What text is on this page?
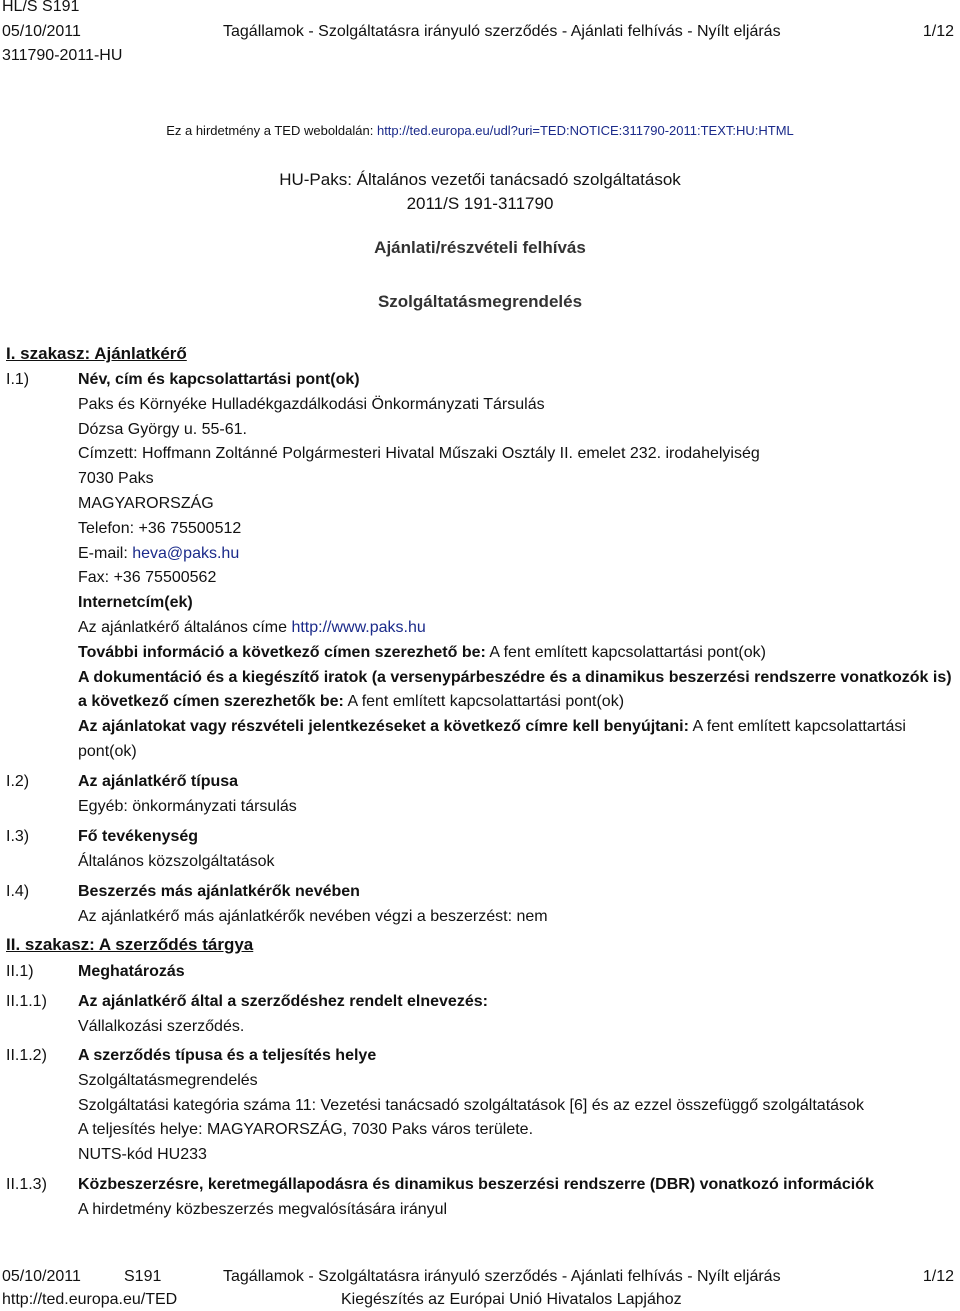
HL/S S191
05/10/2011
311790-2011-HU
Tagállamok - Szolgáltatásra irányuló szerződés - Ajánlati felhívás - Nyílt eljárás	1/12
Ez a hirdetmény a TED weboldalán: http://ted.europa.eu/udl?uri=TED:NOTICE:311790-2011:TEXT:HU:HTML
HU-Paks: Általános vezetői tanácsadó szolgáltatások
2011/S 191-311790
Ajánlati/részvételi felhívás
Szolgáltatásmegrendelés
I. szakasz: Ajánlatkérő
I.1)	Név, cím és kapcsolattartási pont(ok)
Paks és Környéke Hulladékgazdálkodási Önkormányzati Társulás
Dózsa György u. 55-61.
Címzett: Hoffmann Zoltánné Polgármesteri Hivatal Műszaki Osztály II. emelet 232. irodahelyiség
7030 Paks
MAGYARORSZÁG
Telefon: +36 75500512
E-mail: heva@paks.hu
Fax: +36 75500562
Internetcím(ek)
Az ajánlatkérő általános címe http://www.paks.hu
További információ a következő címen szerezhető be: A fent említett kapcsolattartási pont(ok)
A dokumentáció és a kiegészítő iratok (a versenypárbeszédre és a dinamikus beszerzési rendszerre vonatkozók is) a következő címen szerezhetők be: A fent említett kapcsolattartási pont(ok)
Az ajánlatokat vagy részvételi jelentkezéseket a következő címre kell benyújtani: A fent említett kapcsolattartási pont(ok)
I.2)	Az ajánlatkérő típusa
Egyéb: önkormányzati társulás
I.3)	Fő tevékenység
Általános közszolgáltatások
I.4)	Beszerzés más ajánlatkérők nevében
Az ajánlatkérő más ajánlatkérők nevében végzi a beszerzést: nem
II. szakasz: A szerződés tárgya
II.1)	Meghatározás
II.1.1)	Az ajánlatkérő által a szerződéshez rendelt elnevezés:
Vállalkozási szerződés.
II.1.2)	A szerződés típusa és a teljesítés helye
Szolgáltatásmegrendelés
Szolgáltatási kategória száma 11: Vezetési tanácsadó szolgáltatások [6] és az ezzel összefüggő szolgáltatások
A teljesítés helye: MAGYARORSZÁG, 7030 Paks város területe.
NUTS-kód HU233
II.1.3)	Közbeszerzésre, keretmegállapodásra és dinamikus beszerzési rendszerre (DBR) vonatkozó információk
A hirdetmény közbeszerzés megvalósítására irányul
05/10/2011	S191	Tagállamok - Szolgáltatásra irányuló szerződés - Ajánlati felhívás - Nyílt eljárás	1/12
http://ted.europa.eu/TED	Kiegészítés az Európai Unió Hivatalos Lapjához
